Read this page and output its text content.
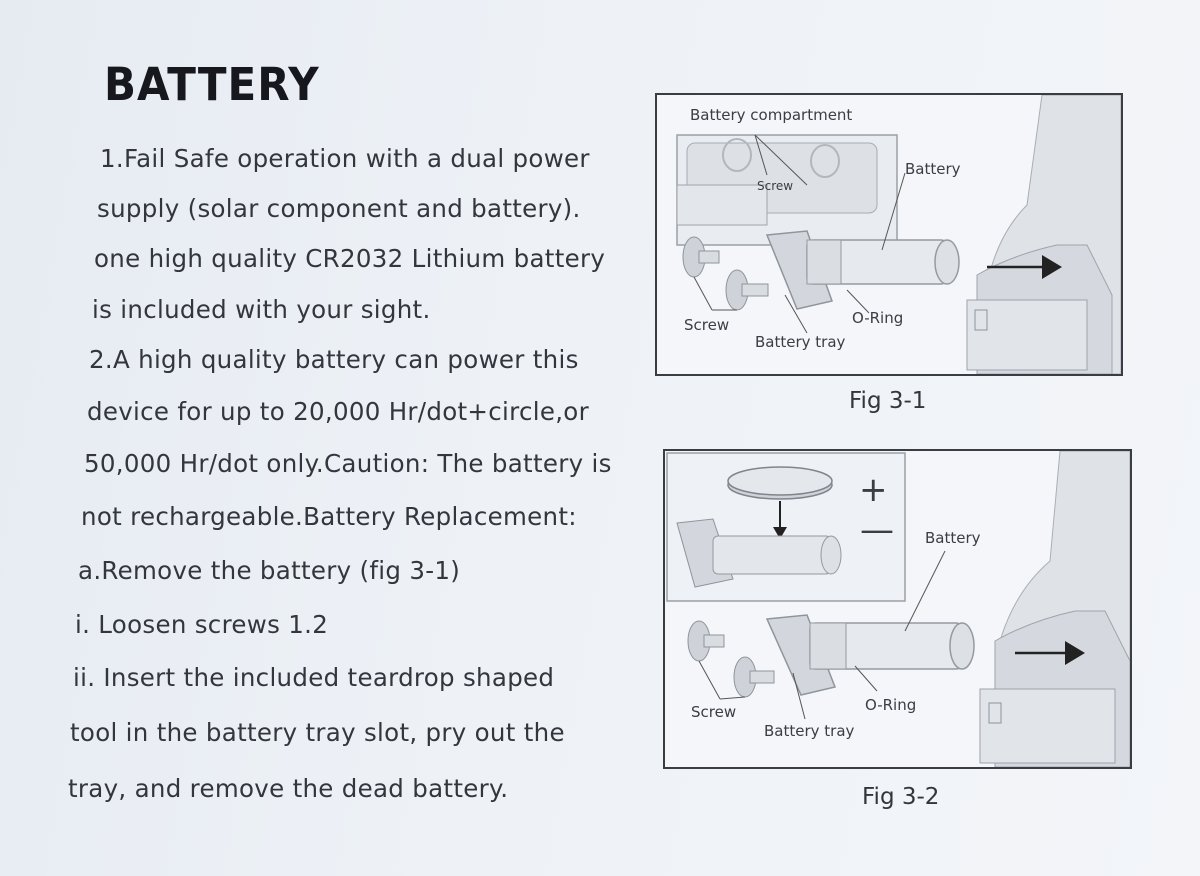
BATTERY
1.Fail Safe operation with a dual power
supply (solar component and battery).
one high quality CR2032 Lithium battery
is included with your sight.
2.A high quality battery can power this
device for up to 20,000 Hr/dot+circle,or
50,000 Hr/dot only.Caution: The battery is
not rechargeable.Battery Replacement:
a.Remove the battery (fig 3-1)
i. Loosen screws 1.2
ii. Insert the included teardrop shaped
tool in the battery tray slot, pry out the
tray, and remove the dead battery.
Battery compartment
Screw
Battery
O-Ring
Screw
Battery tray
Fig 3-1
+
— Battery
O-Ring
Screw
Battery tray
Fig 3-2
